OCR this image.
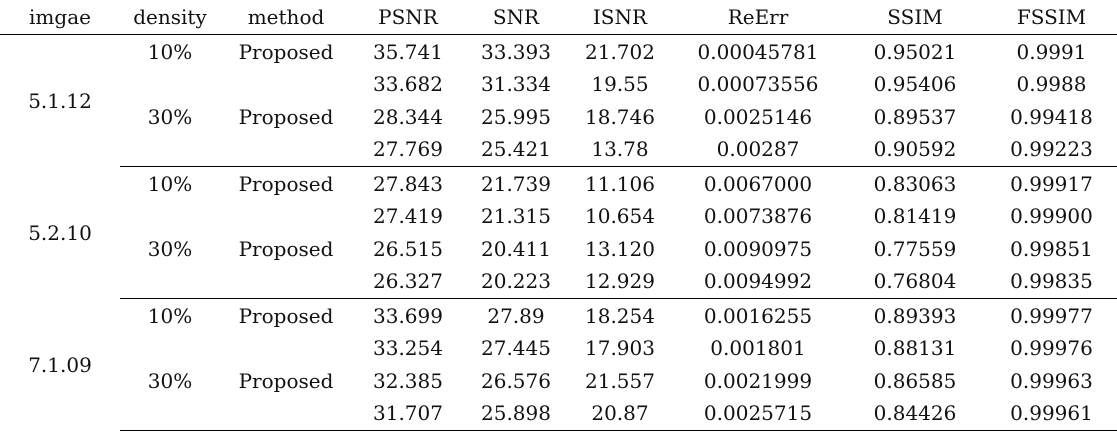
imgae	density	method	PSNR	SNR	ISNR	ReErr	SSIM	FSSIM
5.1.12	10%	Proposed	35.741	33.393	21.702	0.00045781	0.95021	0.9991
			33.682	31.334	19.55	0.00073556	0.95406	0.9988
	30%	Proposed	28.344	25.995	18.746	0.0025146	0.89537	0.99418
			27.769	25.421	13.78	0.00287	0.90592	0.99223
5.2.10	10%	Proposed	27.843	21.739	11.106	0.0067000	0.83063	0.99917
			27.419	21.315	10.654	0.0073876	0.81419	0.99900
	30%	Proposed	26.515	20.411	13.120	0.0090975	0.77559	0.99851
			26.327	20.223	12.929	0.0094992	0.76804	0.99835
7.1.09	10%	Proposed	33.699	27.89	18.254	0.0016255	0.89393	0.99977
			33.254	27.445	17.903	0.001801	0.88131	0.99976
	30%	Proposed	32.385	26.576	21.557	0.0021999	0.86585	0.99963
			31.707	25.898	20.87	0.0025715	0.84426	0.99961
